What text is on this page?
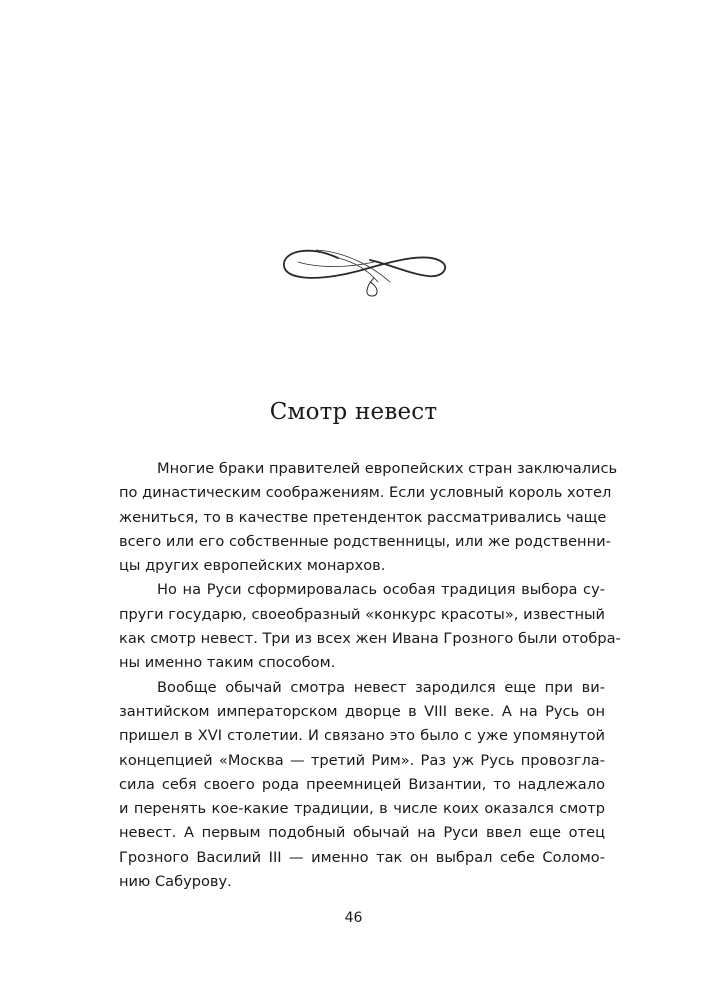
Смотр невест
Многие браки правителей европейских стран заключались
по династическим соображениям. Если условный король хотел
жениться, то в качестве претенденток рассматривались чаще
всего или его собственные родственницы, или же родственни-
цы других европейских монархов.
Но на Руси сформировалась особая традиция выбора су-
пруги государю, своеобразный «конкурс красоты», известный
как смотр невест. Три из всех жен Ивана Грозного были отобра-
ны именно таким способом.
Вообще обычай смотра невест зародился еще при ви-
зантийском императорском дворце в VIII веке. А на Русь он
пришел в XVI столетии. И связано это было с уже упомянутой
концепцией «Москва — третий Рим». Раз уж Русь провозгла-
сила себя своего рода преемницей Византии, то надлежало
и перенять кое-какие традиции, в числе коих оказался смотр
невест. А первым подобный обычай на Руси ввел еще отец
Грозного Василий III — именно так он выбрал себе Соломо-
нию Сабурову.
46
